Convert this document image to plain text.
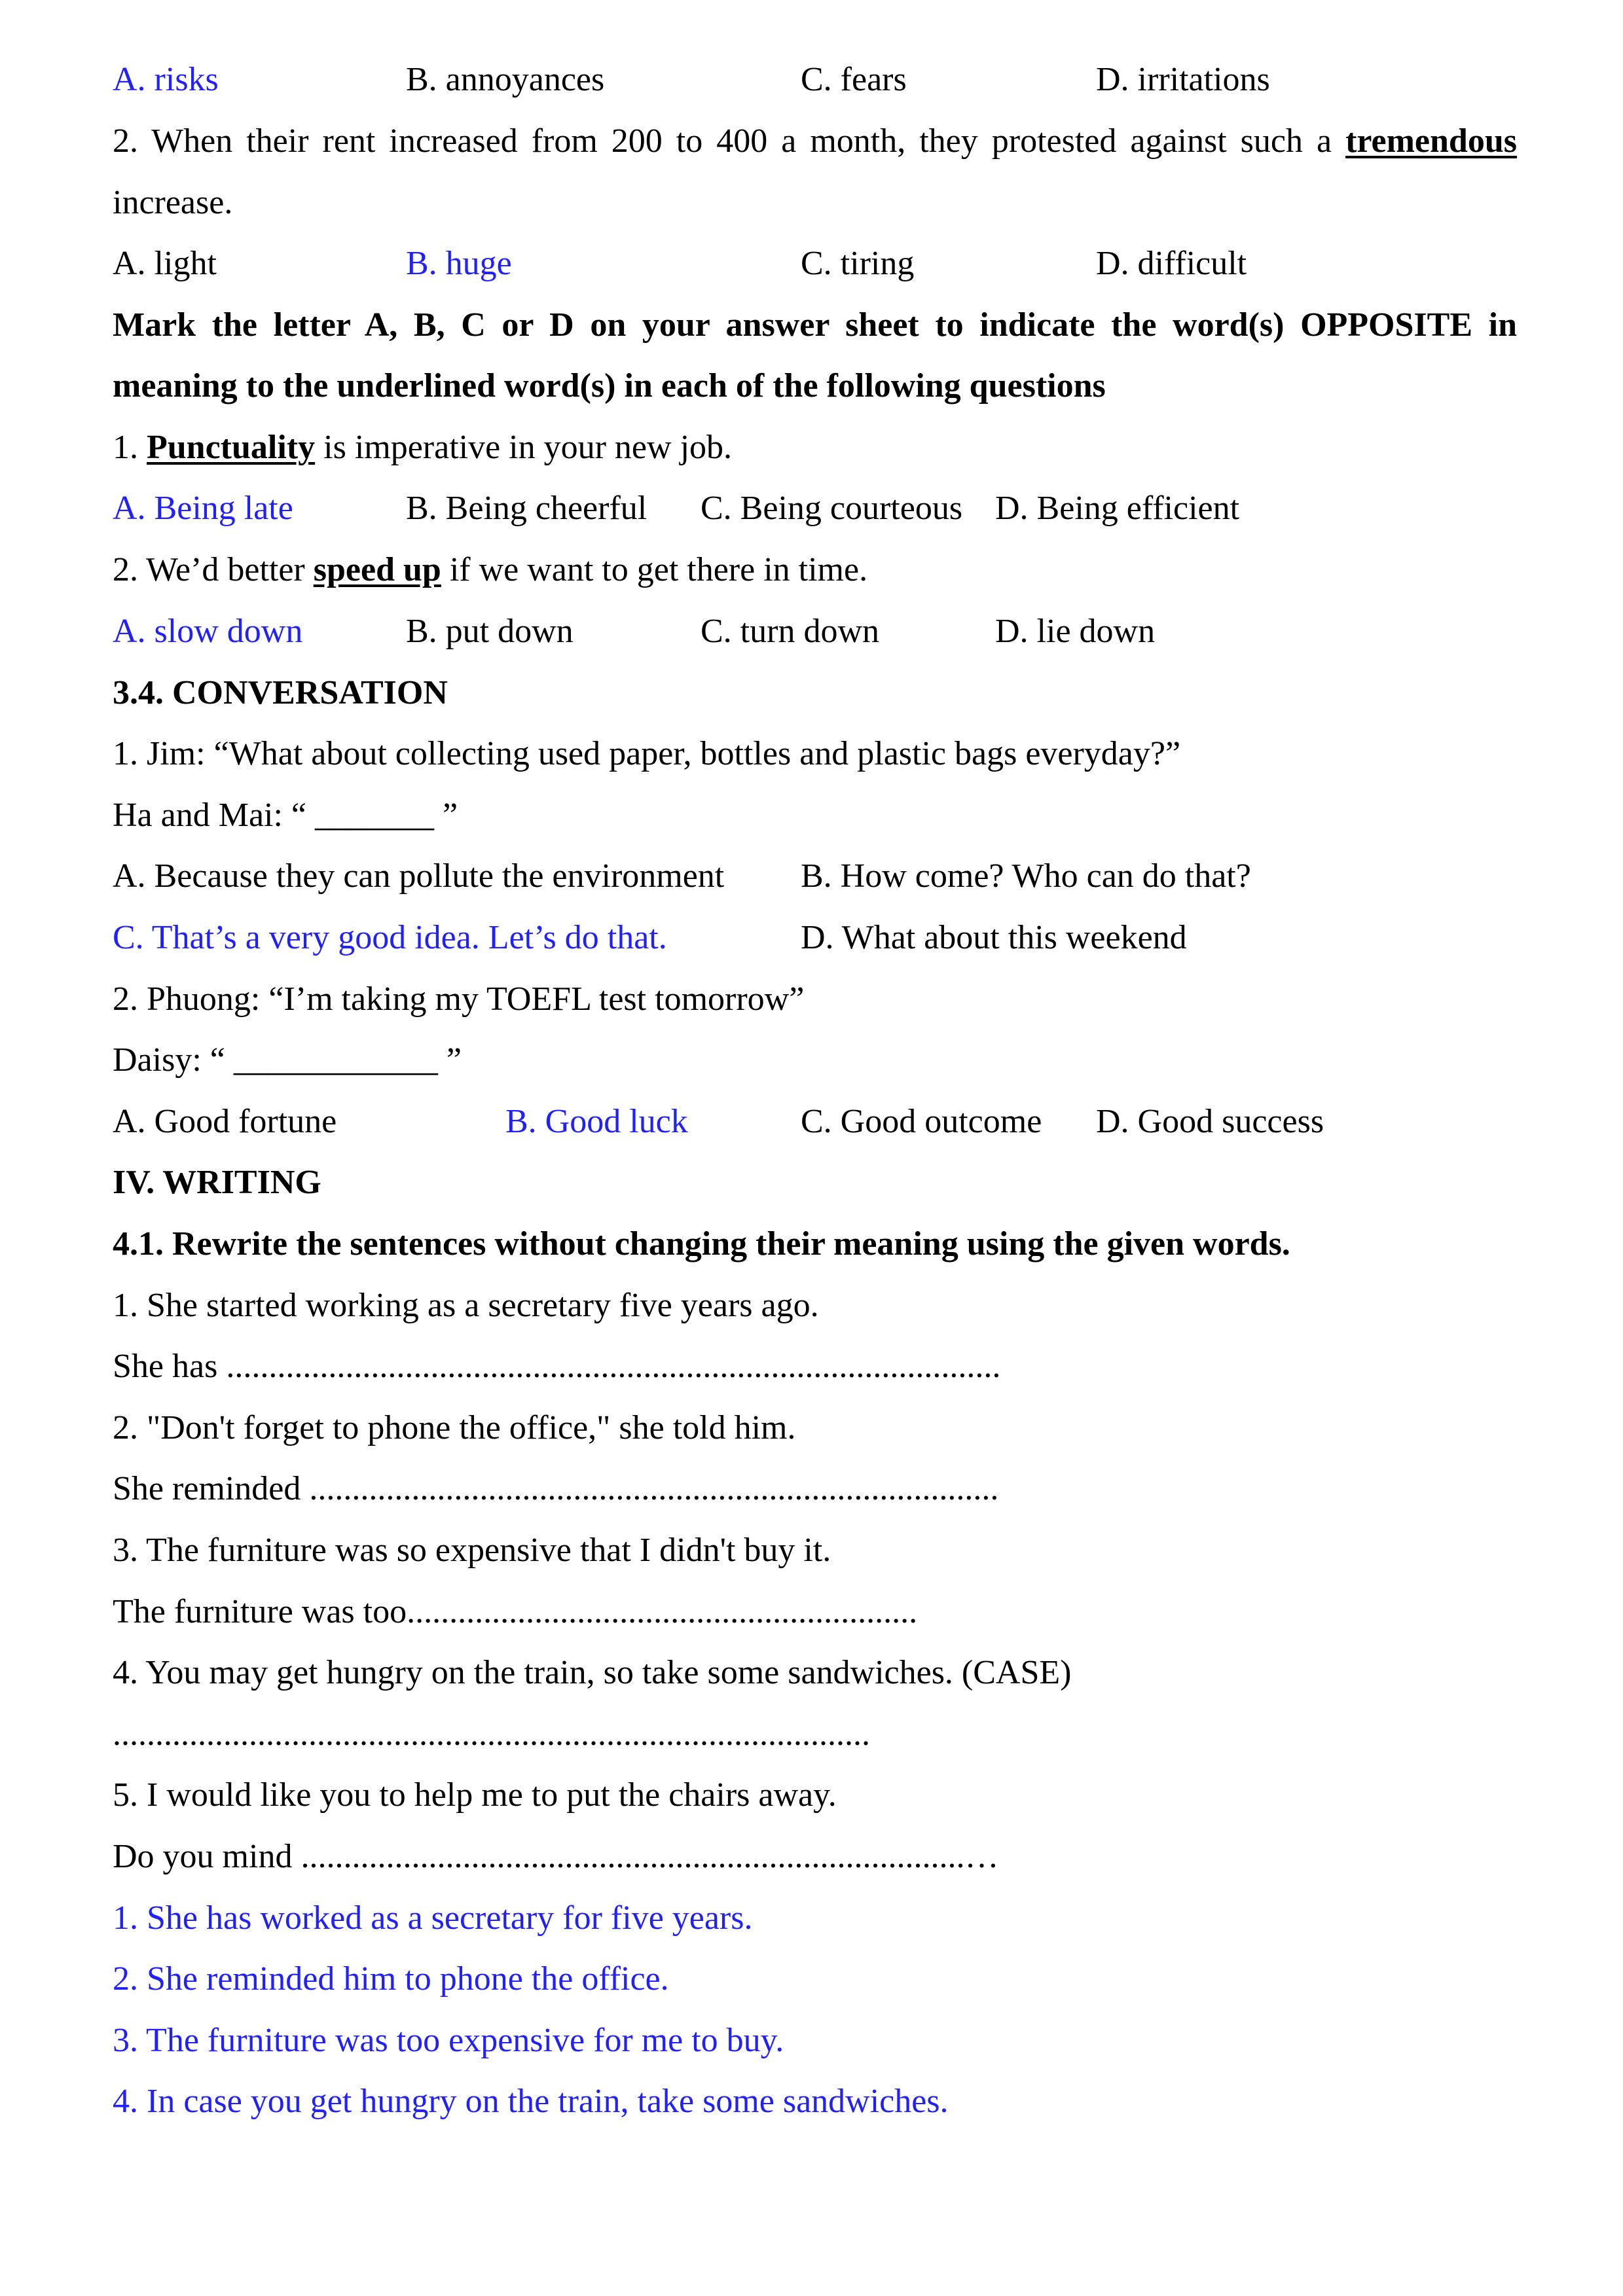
A. risks	B. annoyances	C. fears	D. irritations
2. When their rent increased from 200 to 400 a month, they protested against such a tremendous
increase.
A. light	B. huge	C. tiring	D. difficult
Mark the letter A, B, C or D on your answer sheet to indicate the word(s) OPPOSITE in
meaning to the underlined word(s) in each of the following questions
1. Punctuality is imperative in your new job.
A. Being late	B. Being cheerful C. Being courteous D. Being efficient
2. We’d better speed up if we want to get there in time.
A. slow down	B. put down	C. turn down	D. lie down
3.4. CONVERSATION
1. Jim: “What about collecting used paper, bottles and plastic bags everyday?”
Ha and Mai: “ _______ ”
A. Because they can pollute the environment B. How come? Who can do that?
C. That’s a very good idea. Let’s do that.	D. What about this weekend
2. Phuong: “I’m taking my TOEFL test tomorrow”
Daisy: “ ____________ ”
A. Good fortune	B. Good luck	C. Good outcome D. Good success
IV. WRITING
4.1. Rewrite the sentences without changing their meaning using the given words.
1. She started working as a secretary five years ago.
She has ...........................................................................................
2. "Don't forget to phone the office," she told him.
She reminded .................................................................................
3. The furniture was so expensive that I didn't buy it.
The furniture was too............................................................
4. You may get hungry on the train, so take some sandwiches. (CASE)
.........................................................................................
5. I would like you to help me to put the chairs away.
Do you mind ..............................................................................…
1. She has worked as a secretary for five years.
2. She reminded him to phone the office.
3. The furniture was too expensive for me to buy.
4. In case you get hungry on the train, take some sandwiches.
